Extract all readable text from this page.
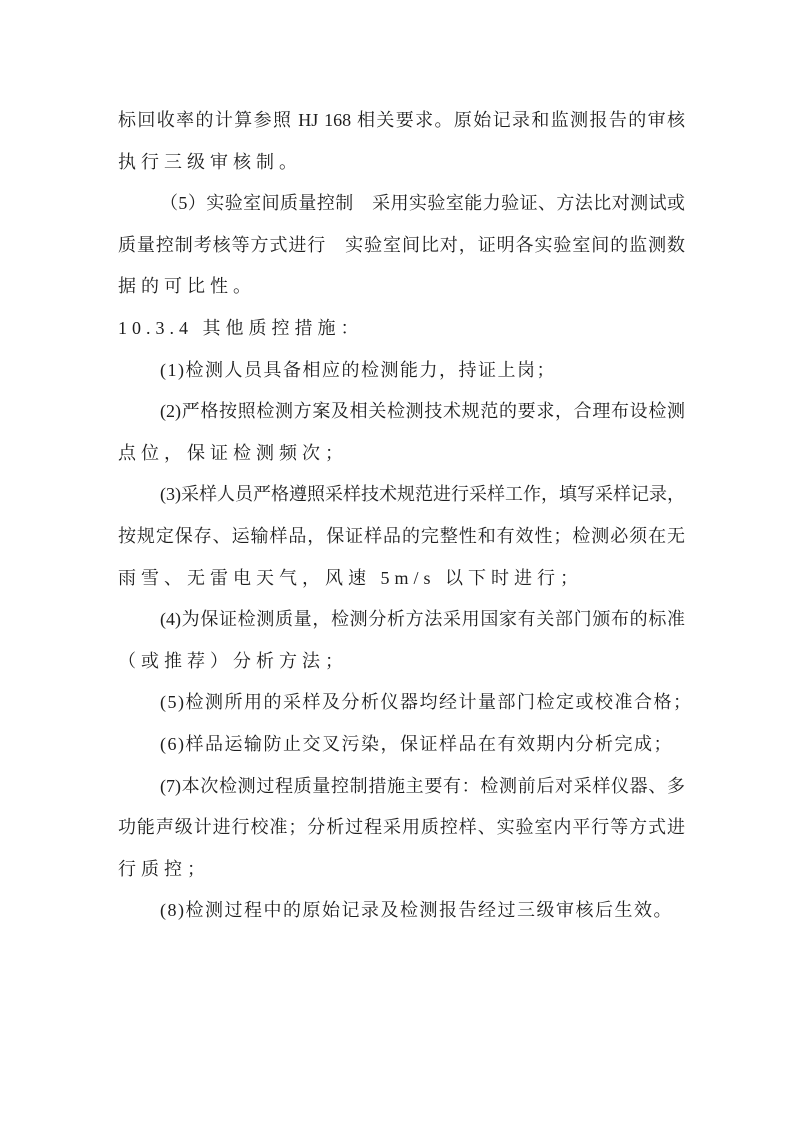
标回收率的计算参照 HJ 168 相关要求。原始记录和监测报告的审核
执行三级审核制。
（5）实验室间质量控制　采用实验室能力验证、方法比对测试或
质量控制考核等方式进行　实验室间比对，证明各实验室间的监测数
据的可比性。
10.3.4 其他质控措施：
(1)检测人员具备相应的检测能力，持证上岗；
(2)严格按照检测方案及相关检测技术规范的要求，合理布设检测
点位，保证检测频次；
(3)采样人员严格遵照采样技术规范进行采样工作，填写采样记录，
按规定保存、运输样品，保证样品的完整性和有效性；检测必须在无
雨雪、无雷电天气，风速 5m/s 以下时进行；
(4)为保证检测质量，检测分析方法采用国家有关部门颁布的标准
（或推荐）分析方法；
(5)检测所用的采样及分析仪器均经计量部门检定或校准合格；
(6)样品运输防止交叉污染，保证样品在有效期内分析完成；
(7)本次检测过程质量控制措施主要有：检测前后对采样仪器、多
功能声级计进行校准；分析过程采用质控样、实验室内平行等方式进
行质控；
(8)检测过程中的原始记录及检测报告经过三级审核后生效。
